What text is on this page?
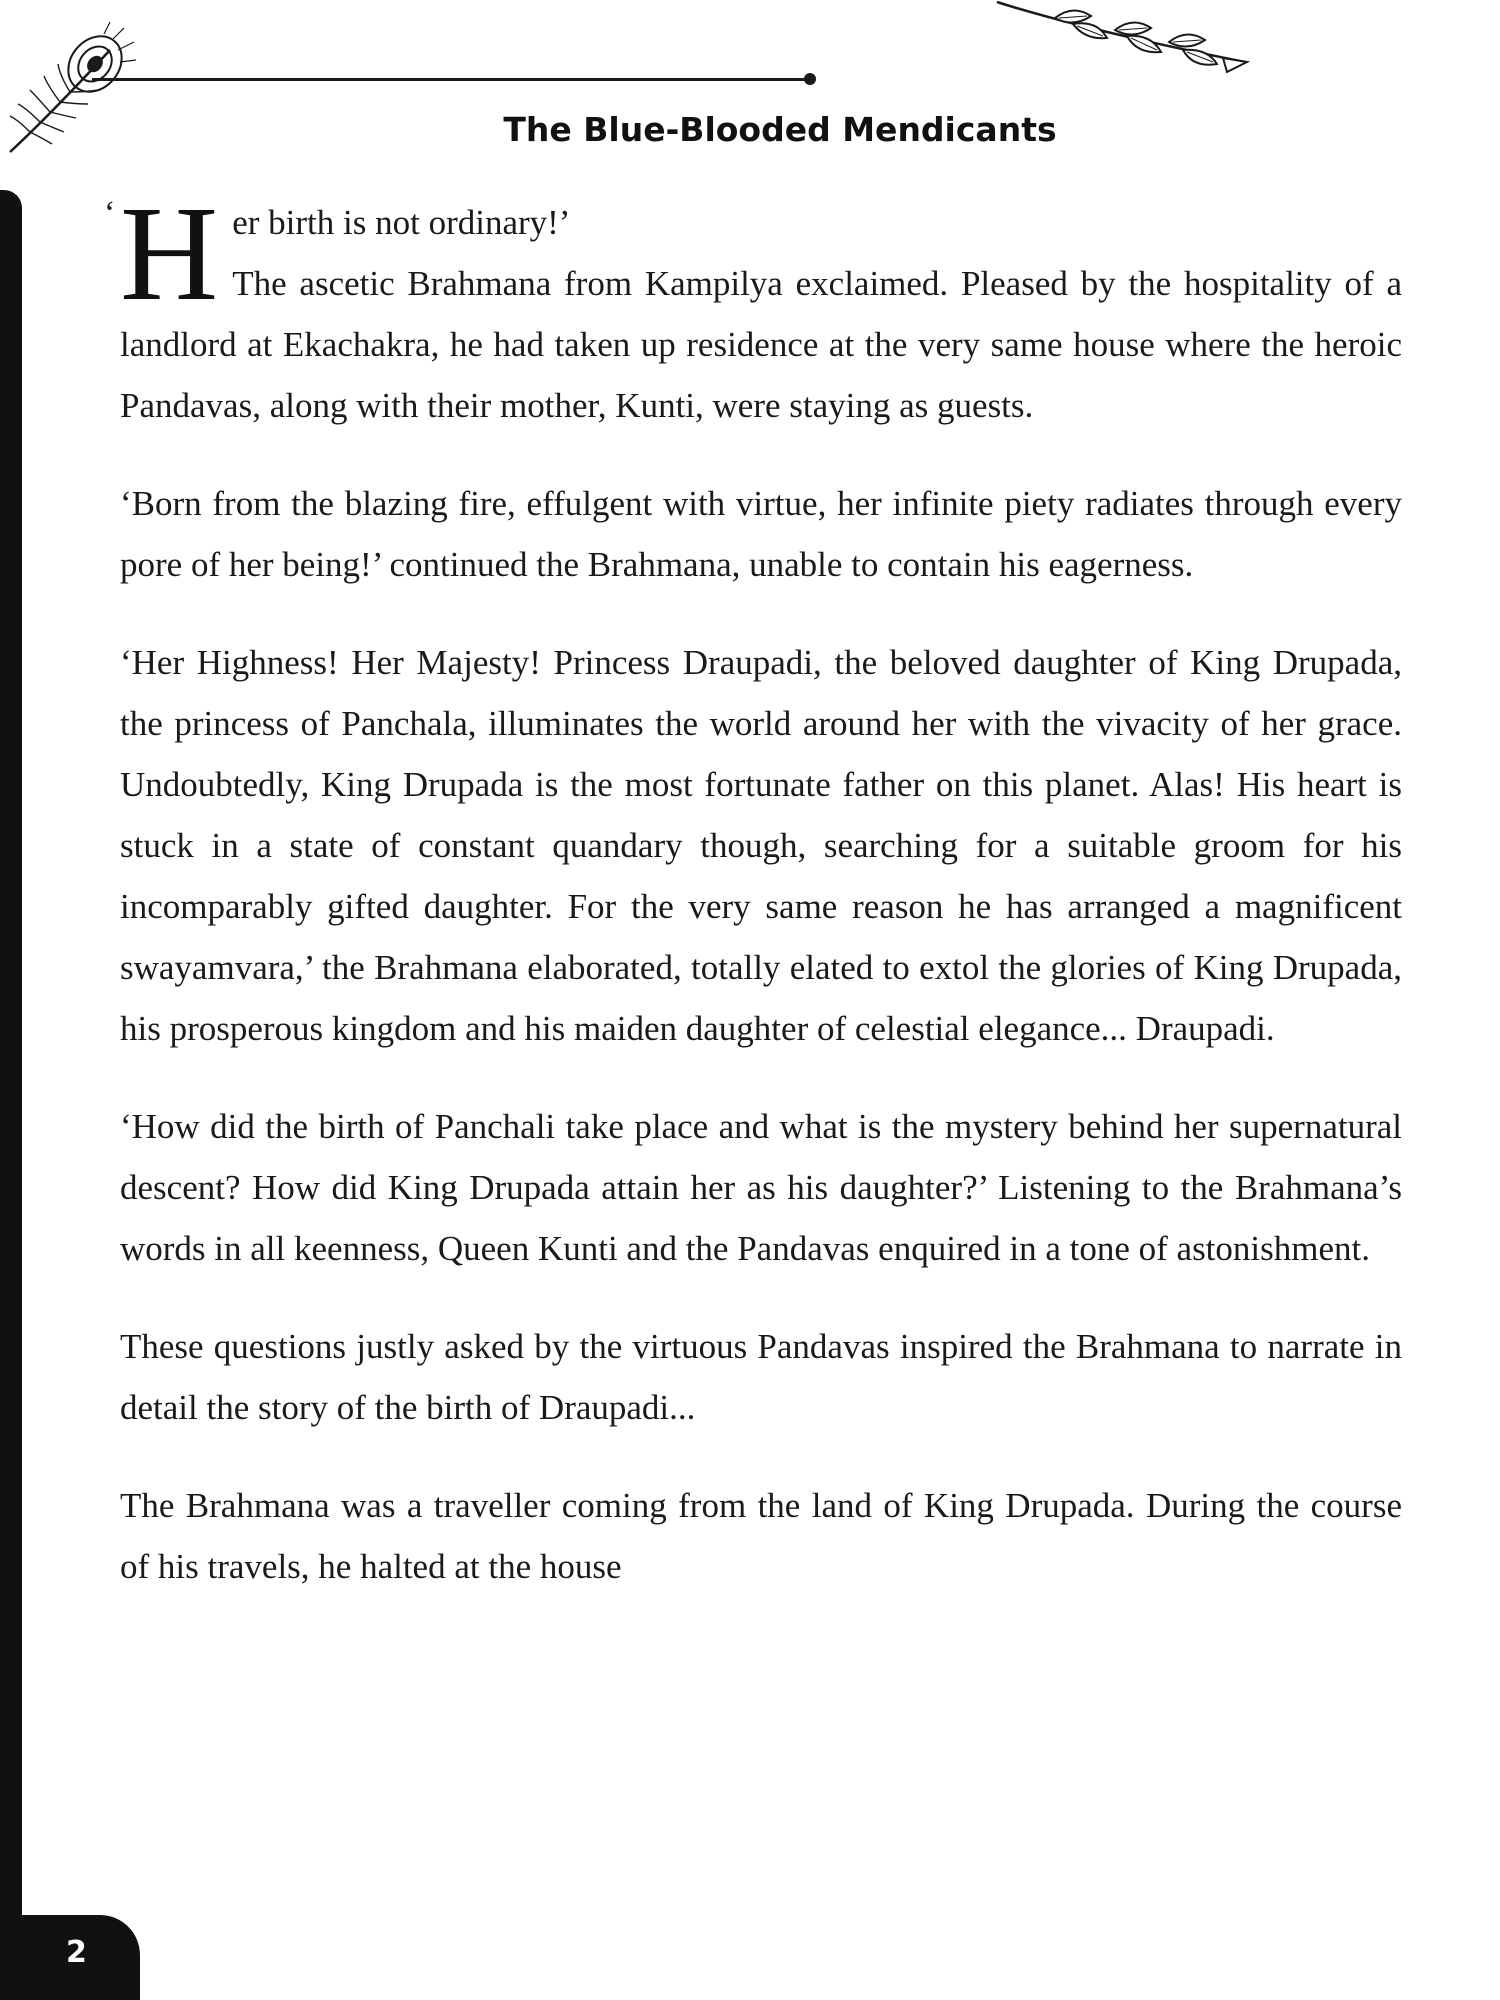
The Blue-Blooded Mendicants
‘ H er birth is not ordinary!’

The ascetic Brahmana from Kampilya exclaimed. Pleased by the hospitality of a landlord at Ekachakra, he had taken up residence at the very same house where the heroic Pandavas, along with their mother, Kunti, were staying as guests.

‘Born from the blazing fire, effulgent with virtue, her infinite piety radiates through every pore of her being!’ continued the Brahmana, unable to contain his eagerness.

‘Her Highness! Her Majesty! Princess Draupadi, the beloved daughter of King Drupada, the princess of Panchala, illuminates the world around her with the vivacity of her grace. Undoubtedly, King Drupada is the most fortunate father on this planet. Alas! His heart is stuck in a state of constant quandary though, searching for a suitable groom for his incomparably gifted daughter. For the very same reason he has arranged a magnificent swayamvara,’ the Brahmana elaborated, totally elated to extol the glories of King Drupada, his prosperous kingdom and his maiden daughter of celestial elegance... Draupadi.

‘How did the birth of Panchali take place and what is the mystery behind her supernatural descent? How did King Drupada attain her as his daughter?’ Listening to the Brahmana’s words in all keenness, Queen Kunti and the Pandavas enquired in a tone of astonishment.

These questions justly asked by the virtuous Pandavas inspired the Brahmana to narrate in detail the story of the birth of Draupadi...

The Brahmana was a traveller coming from the land of King Drupada. During the course of his travels, he halted at the house

2
